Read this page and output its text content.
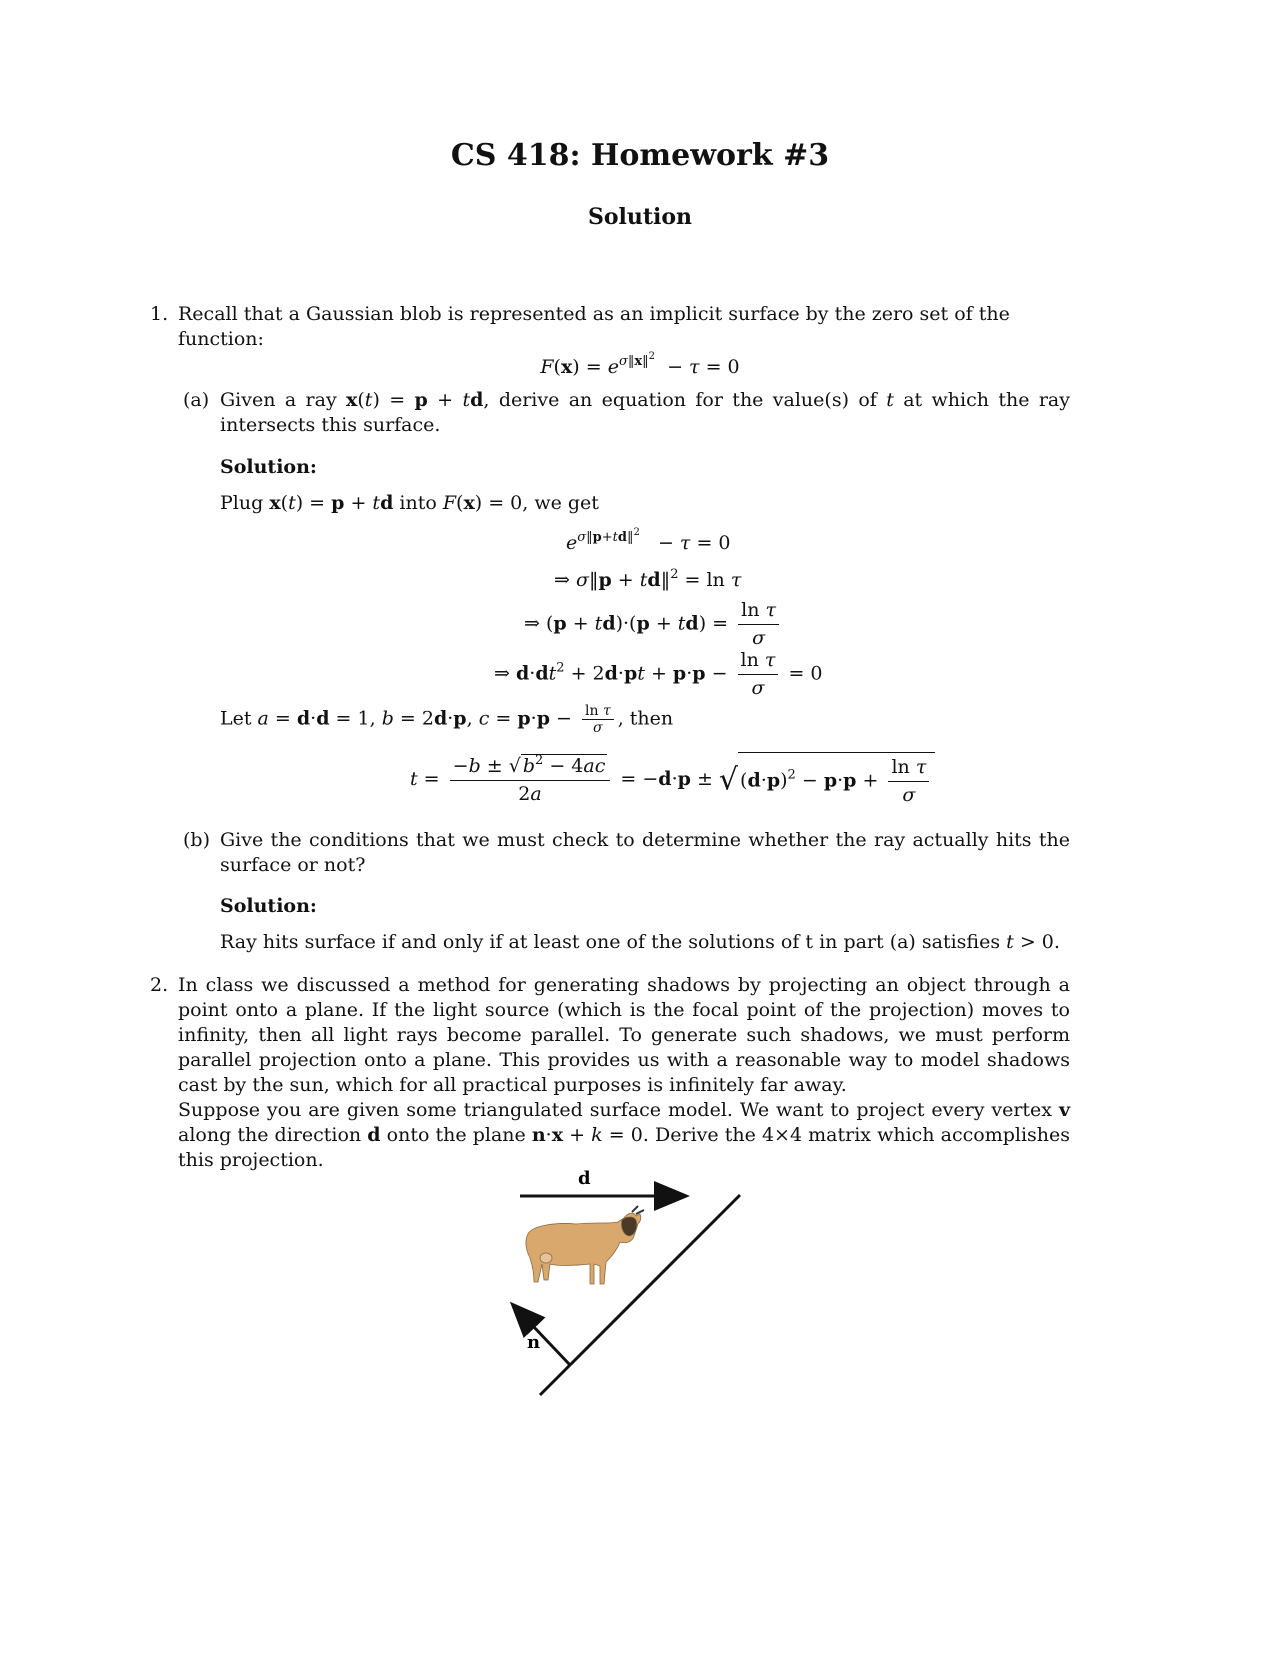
CS 418: Homework #3
Solution
1. Recall that a Gaussian blob is represented as an implicit surface by the zero set of the function:
$F(x) = e^{\sigma‖x‖^2} - \tau = 0$
(a) Given a ray x(t) = p + td, derive an equation for the value(s) of t at which the ray intersects this surface.
Solution:
Plug x(t) = p + td into F(x) = 0, we get
$e^{\sigma‖p+td‖^2} - \tau = 0$
⇒ σ‖p + td‖$^2$ = ln τ
⇒ $(p + td)\cdot(p + td) = \frac{\text{ln τ}}{\sigma}$
⇒ $d\cdot dt^2 + 2d\cdot pt + p\cdot p - \frac{\text{ln τ}}{\sigma} = 0$
Let a = d·d = 1, b = 2d·p, $c = p\cdot p - \frac{\text{ln τ}}{\sigma}$ , then
$t = \frac{-b \pm √ b^2 - 4ac}{2a} = -d\cdot p$ ± √ $(d\cdot p)^2 - p\cdot p + \frac{\text{ln τ}}{\sigma}$
(b) Give the conditions that we must check to determine whether the ray actually hits the surface or not?
Solution:
Ray hits surface if and only if at least one of the solutions of t in part (a) satisfies t > 0.
2. In class we discussed a method for generating shadows by projecting an object through a point onto a plane. If the light source (which is the focal point of the projection) moves to infinity, then all light rays become parallel. To generate such shadows, we must perform parallel projection onto a plane. This provides us with a reasonable way to model shadows cast by the sun, which for all practical purposes is infinitely far away.
Suppose you are given some triangulated surface model. We want to project every vertex v along the direction d onto the plane n·x + k = 0. Derive the 4×4 matrix which accomplishes this projection.
d
n
